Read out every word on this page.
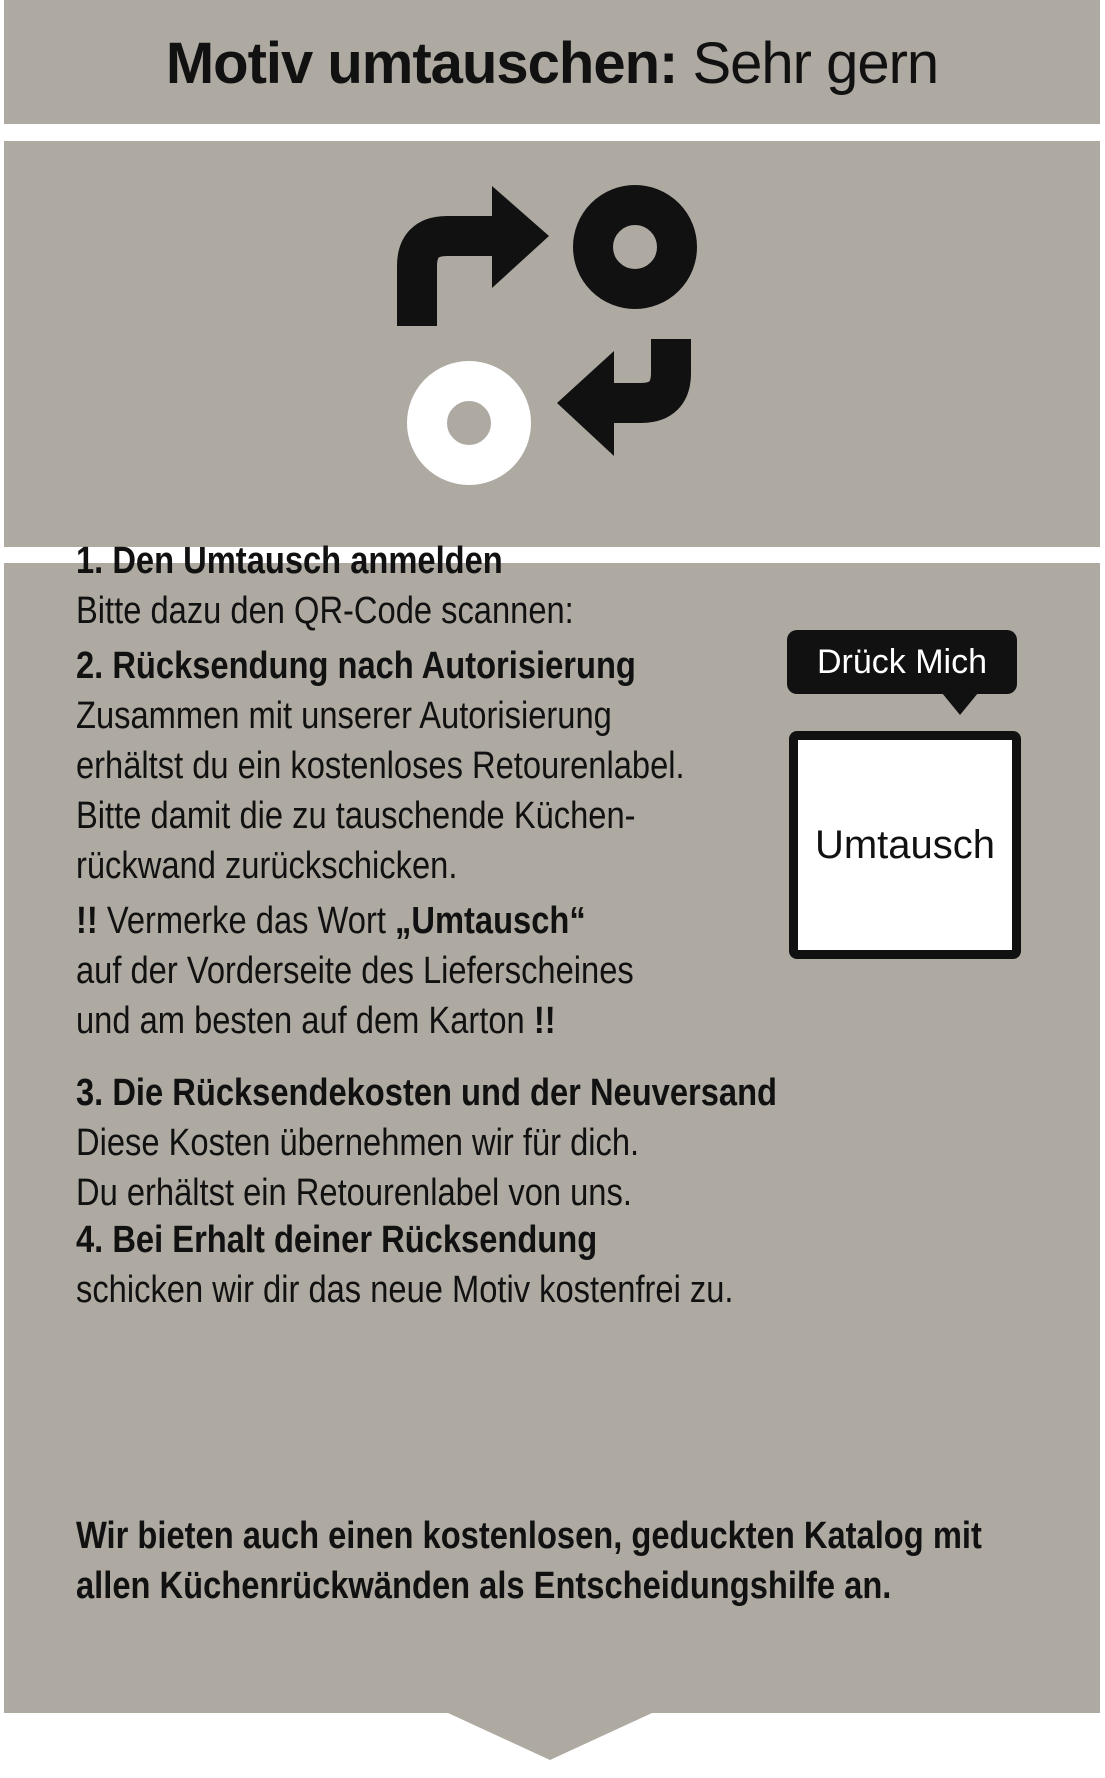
Motiv umtauschen: Sehr gern
1. Den Umtausch anmelden
Bitte dazu den QR-Code scannen:
2. Rücksendung nach Autorisierung
Zusammen mit unserer Autorisierung
erhältst du ein kostenloses Retourenlabel.
Bitte damit die zu tauschende Küchen-
rückwand zurückschicken.
!! Vermerke das Wort „Umtausch“
auf der Vorderseite des Lieferscheines
und am besten auf dem Karton !!
3. Die Rücksendekosten und der Neuversand
Diese Kosten übernehmen wir für dich.
Du erhältst ein Retourenlabel von uns.
4. Bei Erhalt deiner Rücksendung
schicken wir dir das neue Motiv kostenfrei zu.
Wir bieten auch einen kostenlosen, geduckten Katalog mit
allen Küchenrückwänden als Entscheidungshilfe an.
Drück Mich
Umtausch
